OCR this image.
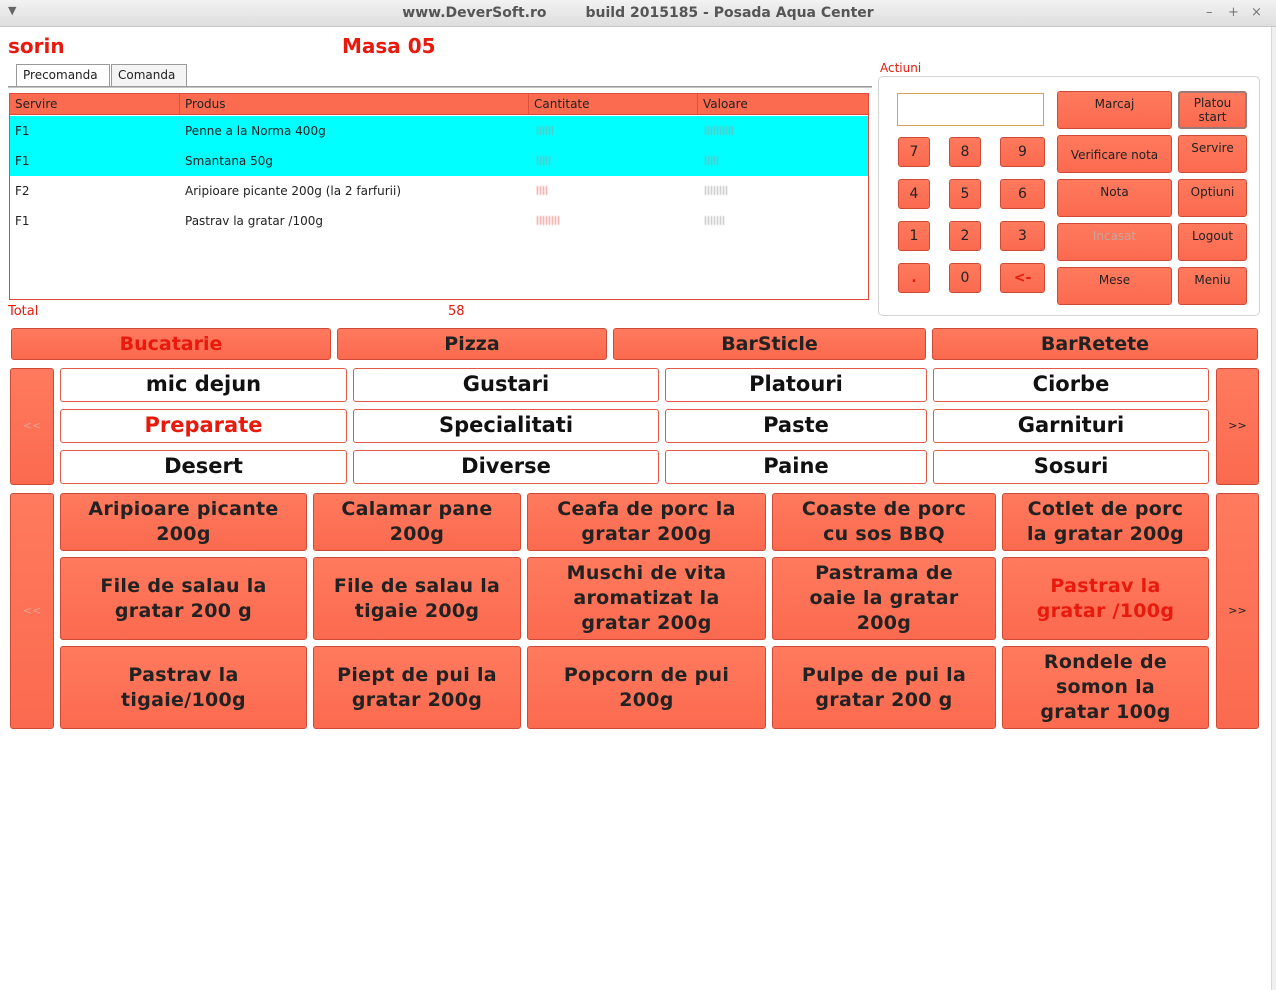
▼	www.DeverSoft.ro	build 2015185 - Posada Aqua Center	– + ×
sorin	Masa 05
Precomanda	Comanda
Servire	Produs	Cantitate	Valoare
F1	Penne a la Norma 400g
F1	Smantana 50g
F2	Aripioare picante 200g (la 2 farfurii)
F1	Pastrav la gratar /100g
Total	58
Actiuni
7	8	9
4	5	6
1	2	3
.	0	<-
Marcaj	Platou
start
Verificare nota	Servire
Nota	Optiuni
Incasat	Logout
Mese	Meniu
Bucatarie	Pizza	BarSticle	BarRetete
<<	>>
mic dejun	Gustari	Platouri	Ciorbe
Preparate	Specialitati	Paste	Garnituri
Desert	Diverse	Paine	Sosuri
<<	>>
Aripioare picante
200g
Calamar pane
200g
Ceafa de porc la
gratar 200g
Coaste de porc
cu sos BBQ
Cotlet de porc
la gratar 200g
File de salau la
gratar 200 g
File de salau la
tigaie 200g
Muschi de vita
aromatizat la
gratar 200g
Pastrama de
oaie la gratar
200g
Pastrav la
gratar /100g
Pastrav la
tigaie/100g
Piept de pui la
gratar 200g
Popcorn de pui
200g
Pulpe de pui la
gratar 200 g
Rondele de
somon la
gratar 100g
